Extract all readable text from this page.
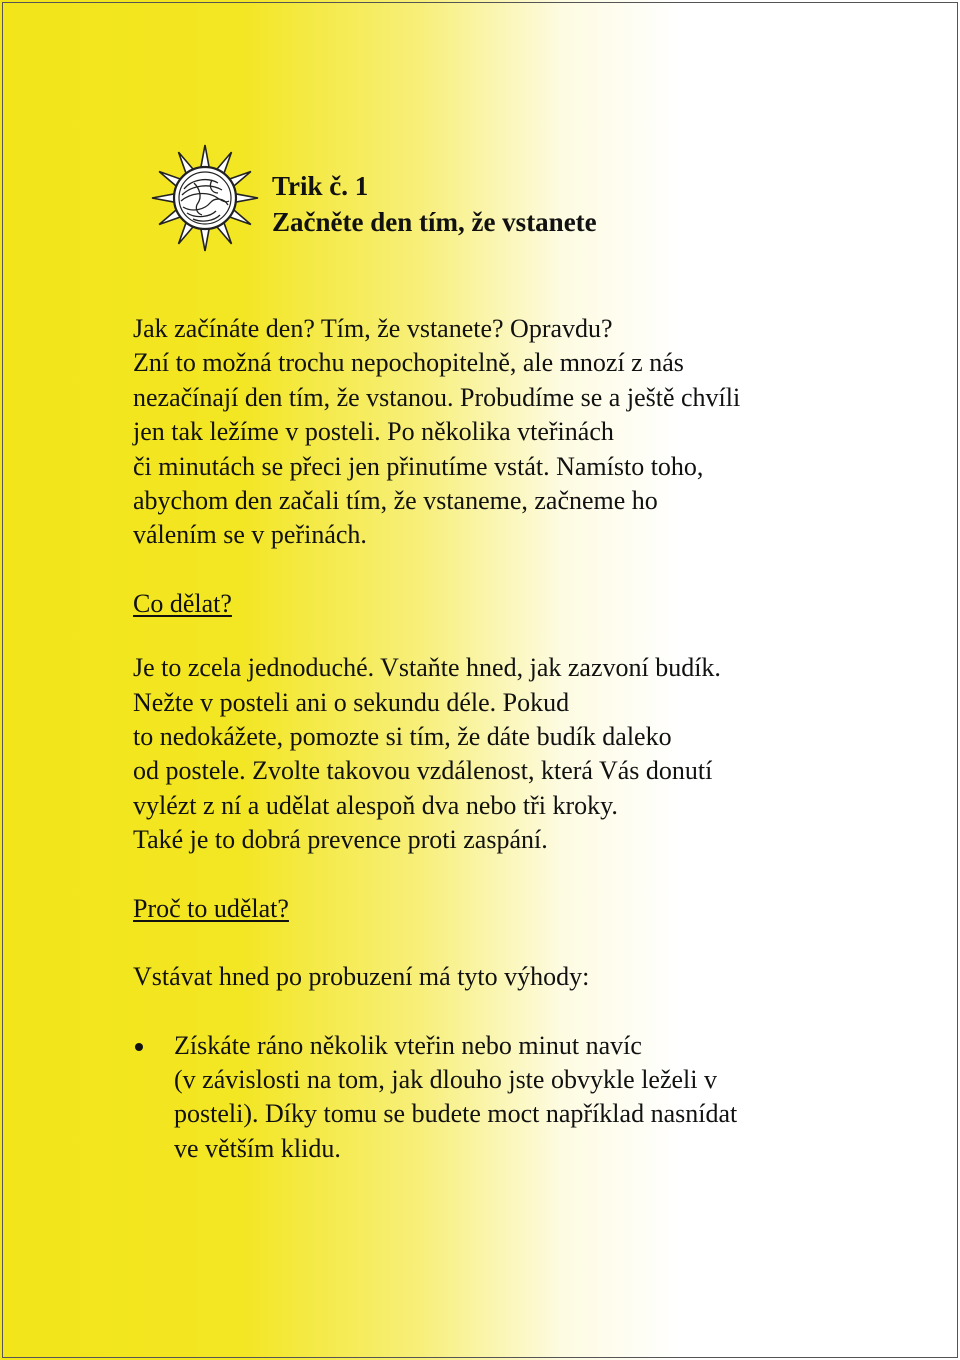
Trik č. 1
Začněte den tím, že vstanete
Jak začínáte den? Tím, že vstanete? Opravdu?
Zní to možná trochu nepochopitelně, ale mnozí z nás
nezačínají den tím, že vstanou. Probudíme se a ještě chvíli
jen tak ležíme v posteli. Po několika vteřinách
či minutách se přeci jen přinutíme vstát. Namísto toho,
abychom den začali tím, že vstaneme, začneme ho
válením se v peřinách.
Co dělat?
Je to zcela jednoduché. Vstaňte hned, jak zazvoní budík.
Nežte v posteli ani o sekundu déle. Pokud
to nedokážete, pomozte si tím, že dáte budík daleko
od postele. Zvolte takovou vzdálenost, která Vás donutí
vylézt z ní a udělat alespoň dva nebo tři kroky.
Také je to dobrá prevence proti zaspání.
Proč to udělat?
Vstávat hned po probuzení má tyto výhody:
Získáte ráno několik vteřin nebo minut navíc
(v závislosti na tom, jak dlouho jste obvykle leželi v
posteli). Díky tomu se budete moct například nasnídat
ve větším klidu.
